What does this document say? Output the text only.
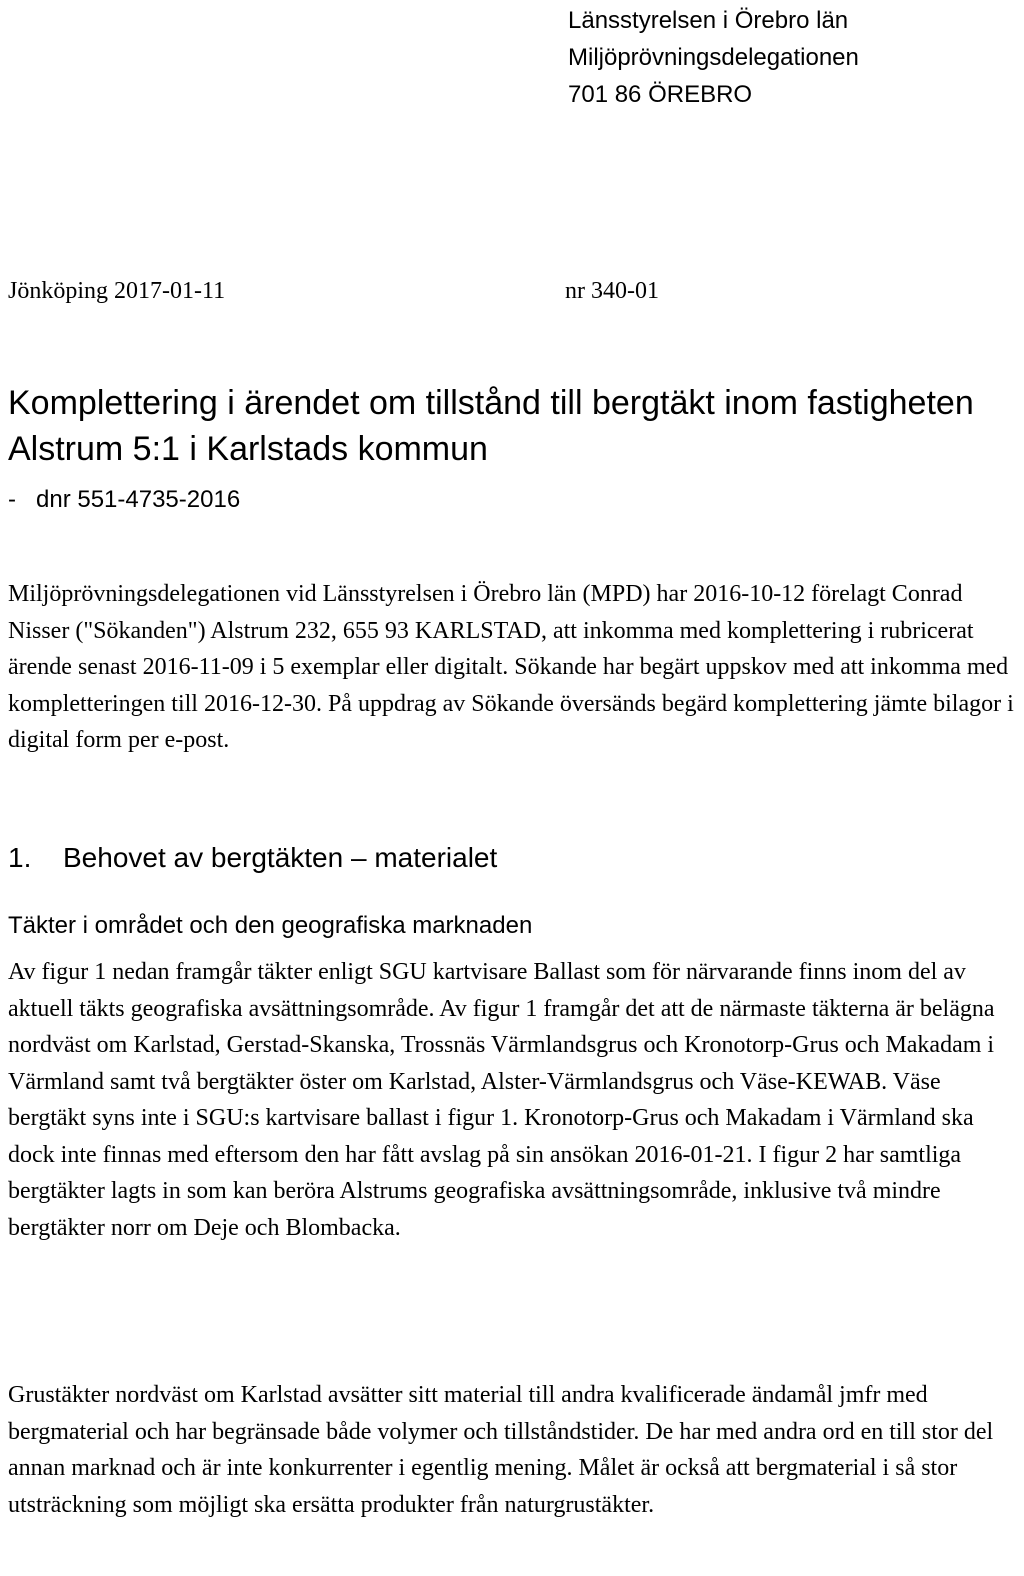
Länsstyrelsen i Örebro län
Miljöprövningsdelegationen
701 86 ÖREBRO
Jönköping 2017-01-11	nr 340-01
Komplettering i ärendet om tillstånd till bergtäkt inom fastigheten Alstrum 5:1 i Karlstads kommun
- dnr 551-4735-2016

Miljöprövningsdelegationen vid Länsstyrelsen i Örebro län (MPD) har 2016-10-12 förelagt Conrad Nisser ("Sökanden") Alstrum 232, 655 93 KARLSTAD, att inkomma med komplettering i rubricerat ärende senast 2016-11-09 i 5 exemplar eller digitalt. Sökande har begärt uppskov med att inkomma med kompletteringen till 2016-12-30. På uppdrag av Sökande översänds begärd komplettering jämte bilagor i digital form per e-post.

1. Behovet av bergtäkten – materialet
Täkter i området och den geografiska marknaden

Av figur 1 nedan framgår täkter enligt SGU kartvisare Ballast som för närvarande finns inom del av aktuell täkts geografiska avsättningsområde. Av figur 1 framgår det att de närmaste täkterna är belägna nordväst om Karlstad, Gerstad-Skanska, Trossnäs Värmlandsgrus och Kronotorp-Grus och Makadam i Värmland samt två bergtäkter öster om Karlstad, Alster-Värmlandsgrus och Väse-KEWAB. Väse bergtäkt syns inte i SGU:s kartvisare ballast i figur 1. Kronotorp-Grus och Makadam i Värmland ska dock inte finnas med eftersom den har fått avslag på sin ansökan 2016-01-21. I figur 2 har samtliga bergtäkter lagts in som kan beröra Alstrums geografiska avsättningsområde, inklusive två mindre bergtäkter norr om Deje och Blombacka.

Grustäkter nordväst om Karlstad avsätter sitt material till andra kvalificerade ändamål jmfr med bergmaterial och har begränsade både volymer och tillståndstider. De har med andra ord en till stor del annan marknad och är inte konkurrenter i egentlig mening. Målet är också att bergmaterial i så stor utsträckning som möjligt ska ersätta produkter från naturgrustäkter.
